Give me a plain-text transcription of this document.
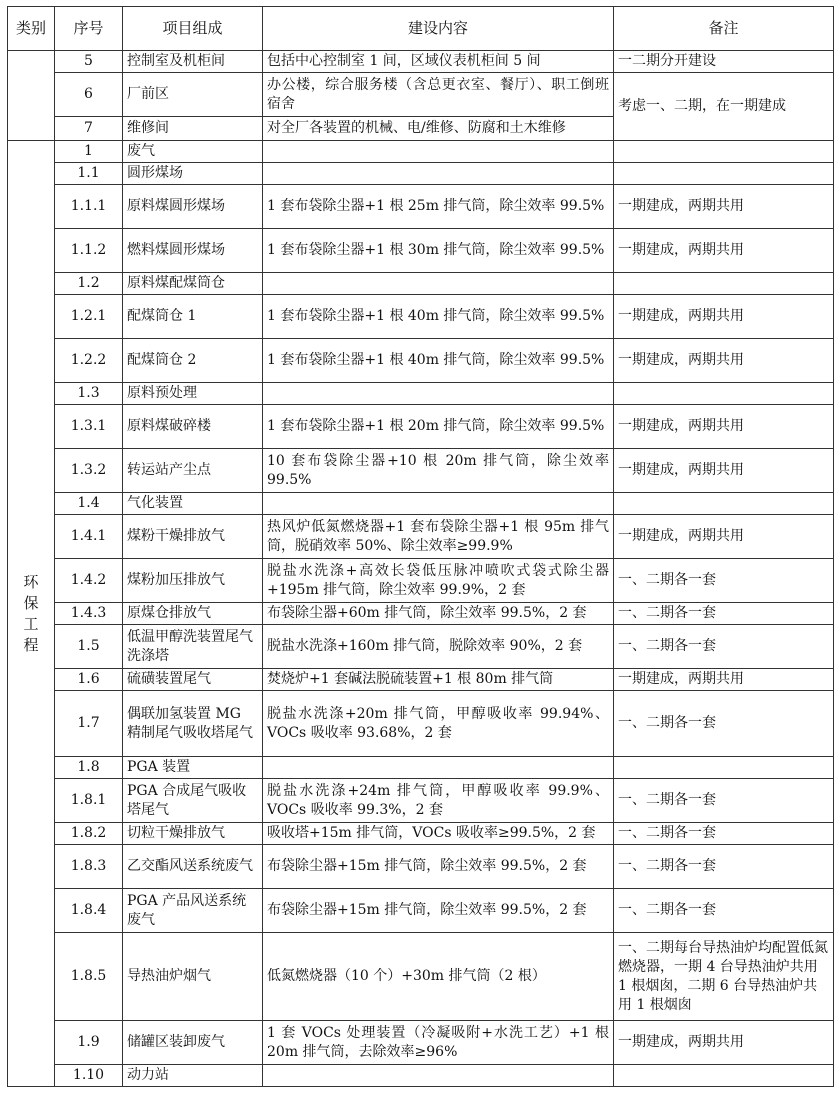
类别	序号	项目组成	建设内容	备注
	5	控制室及机柜间	包括中心控制室 1 间，区域仪表机柜间 5 间	一二期分开建设
	6	厂前区	办公楼，综合服务楼（含总更衣室、餐厅）、职工倒班宿舍	考虑一、二期，在一期建成
	7	维修间	对全厂各装置的机械、电/维修、防腐和土木维修	
环保工程	1	废气		
	1.1	圆形煤场		
	1.1.1	原料煤圆形煤场	1 套布袋除尘器+1 根 25m 排气筒，除尘效率 99.5%	一期建成，两期共用
	1.1.2	燃料煤圆形煤场	1 套布袋除尘器+1 根 30m 排气筒，除尘效率 99.5%	一期建成，两期共用
	1.2	原料煤配煤筒仓		
	1.2.1	配煤筒仓 1	1 套布袋除尘器+1 根 40m 排气筒，除尘效率 99.5%	一期建成，两期共用
	1.2.2	配煤筒仓 2	1 套布袋除尘器+1 根 40m 排气筒，除尘效率 99.5%	一期建成，两期共用
	1.3	原料预处理		
	1.3.1	原料煤破碎楼	1 套布袋除尘器+1 根 20m 排气筒，除尘效率 99.5%	一期建成，两期共用
	1.3.2	转运站产尘点	10 套布袋除尘器+10 根 20m 排气筒，除尘效率 99.5%	一期建成，两期共用
	1.4	气化装置		
	1.4.1	煤粉干燥排放气	热风炉低氮燃烧器+1 套布袋除尘器+1 根 95m 排气筒，脱硝效率 50%、除尘效率≥99.9%	一期建成，两期共用
	1.4.2	煤粉加压排放气	脱盐水洗涤+高效长袋低压脉冲喷吹式袋式除尘器+195m 排气筒，除尘效率 99.9%，2 套	一、二期各一套
	1.4.3	原煤仓排放气	布袋除尘器+60m 排气筒，除尘效率 99.5%，2 套	一、二期各一套
	1.5	低温甲醇洗装置尾气洗涤塔	脱盐水洗涤+160m 排气筒，脱除效率 90%，2 套	一、二期各一套
	1.6	硫磺装置尾气	焚烧炉+1 套碱法脱硫装置+1 根 80m 排气筒	一期建成，两期共用
	1.7	偶联加氢装置 MG 精制尾气吸收塔尾气	脱盐水洗涤+20m 排气筒，甲醇吸收率 99.94%、VOCs 吸收率 93.68%，2 套	一、二期各一套
	1.8	PGA 装置		
	1.8.1	PGA 合成尾气吸收塔尾气	脱盐水洗涤+24m 排气筒，甲醇吸收率 99.9%、VOCs 吸收率 99.3%，2 套	一、二期各一套
	1.8.2	切粒干燥排放气	吸收塔+15m 排气筒，VOCs 吸收率≥99.5%，2 套	一、二期各一套
	1.8.3	乙交酯风送系统废气	布袋除尘器+15m 排气筒，除尘效率 99.5%，2 套	一、二期各一套
	1.8.4	PGA 产品风送系统废气	布袋除尘器+15m 排气筒，除尘效率 99.5%，2 套	一、二期各一套
	1.8.5	导热油炉烟气	低氮燃烧器（10 个）+30m 排气筒（2 根）	一、二期每台导热油炉均配置低氮燃烧器，一期 4 台导热油炉共用 1 根烟囱，二期 6 台导热油炉共用 1 根烟囱
	1.9	储罐区装卸废气	1 套 VOCs 处理装置（冷凝吸附+水洗工艺）+1 根 20m 排气筒，去除效率≥96%	一期建成，两期共用
	1.10	动力站		
